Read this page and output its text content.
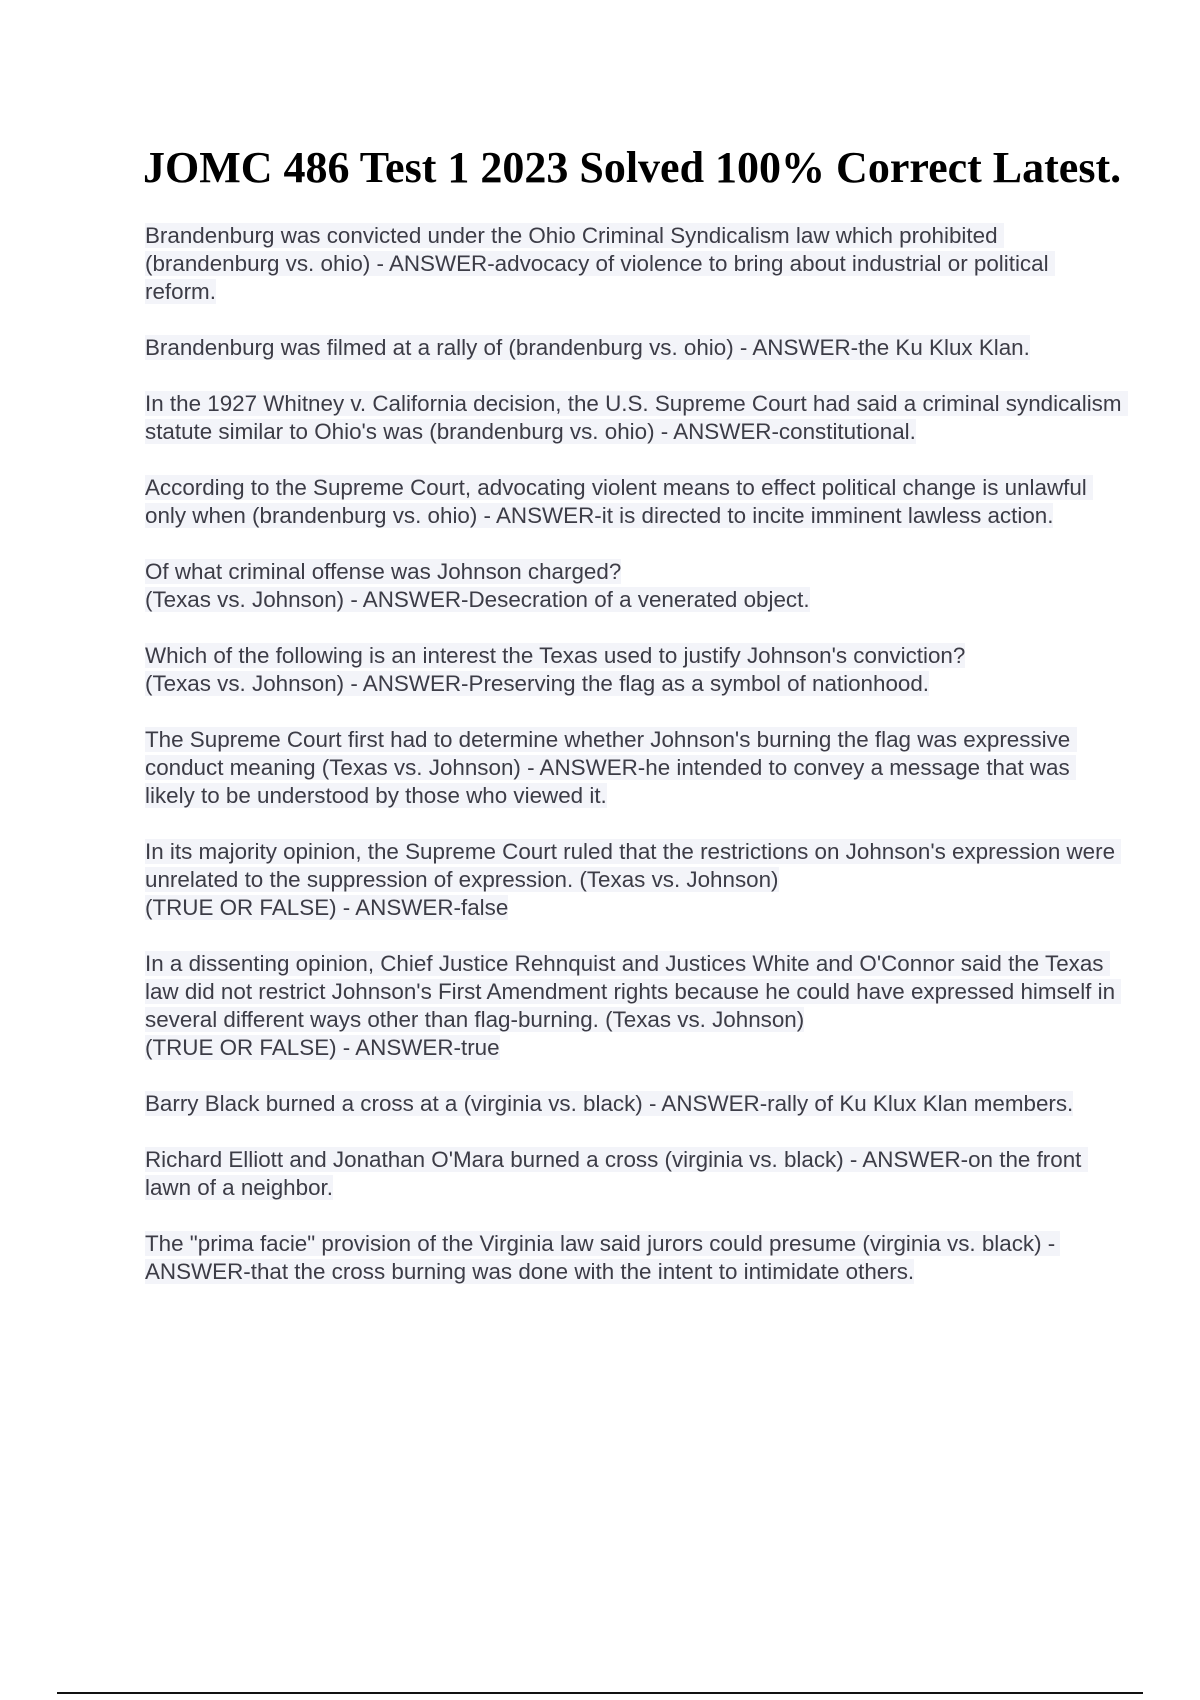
JOMC 486 Test 1 2023 Solved 100% Correct Latest.
Brandenburg was convicted under the Ohio Criminal Syndicalism law which prohibited (brandenburg vs. ohio) - ANSWER-advocacy of violence to bring about industrial or political reform.
Brandenburg was filmed at a rally of (brandenburg vs. ohio) - ANSWER-the Ku Klux Klan.
In the 1927 Whitney v. California decision, the U.S. Supreme Court had said a criminal syndicalism statute similar to Ohio's was (brandenburg vs. ohio) - ANSWER-constitutional.
According to the Supreme Court, advocating violent means to effect political change is unlawful only when (brandenburg vs. ohio) - ANSWER-it is directed to incite imminent lawless action.
Of what criminal offense was Johnson charged?
(Texas vs. Johnson) - ANSWER-Desecration of a venerated object.
Which of the following is an interest the Texas used to justify Johnson's conviction?
(Texas vs. Johnson) - ANSWER-Preserving the flag as a symbol of nationhood.
The Supreme Court first had to determine whether Johnson's burning the flag was expressive conduct meaning (Texas vs. Johnson) - ANSWER-he intended to convey a message that was likely to be understood by those who viewed it.
In its majority opinion, the Supreme Court ruled that the restrictions on Johnson's expression were unrelated to the suppression of expression. (Texas vs. Johnson)
(TRUE OR FALSE) - ANSWER-false
In a dissenting opinion, Chief Justice Rehnquist and Justices White and O'Connor said the Texas law did not restrict Johnson's First Amendment rights because he could have expressed himself in several different ways other than flag-burning. (Texas vs. Johnson)
(TRUE OR FALSE) - ANSWER-true
Barry Black burned a cross at a (virginia vs. black) - ANSWER-rally of Ku Klux Klan members.
Richard Elliott and Jonathan O'Mara burned a cross (virginia vs. black) - ANSWER-on the front lawn of a neighbor.
The "prima facie" provision of the Virginia law said jurors could presume (virginia vs. black) - ANSWER-that the cross burning was done with the intent to intimidate others.
